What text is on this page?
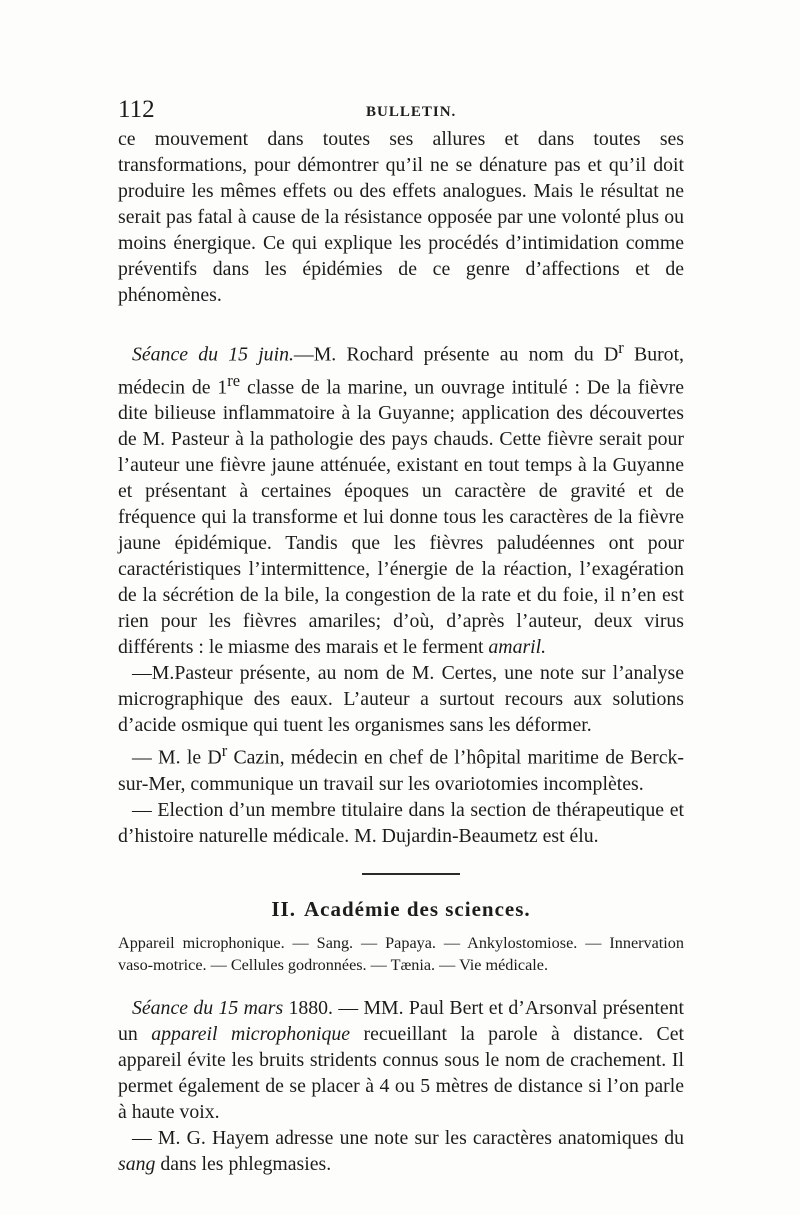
112	BULLETIN.

ce mouvement dans toutes ses allures et dans toutes ses transformations, pour démontrer qu’il ne se dénature pas et qu’il doit produire les mêmes effets ou des effets analogues. Mais le résultat ne serait pas fatal à cause de la résistance opposée par une volonté plus ou moins énergique. Ce qui explique les procédés d’intimidation comme préventifs dans les épidémies de ce genre d’affections et de phénomènes.

Séance du 15 juin.—M. Rochard présente au nom du $D^r$ Burot, médecin de 1re classe de la marine, un ouvrage intitulé : De la fièvre dite bilieuse inflammatoire à la Guyanne; application des découvertes de M. Pasteur à la pathologie des pays chauds. Cette fièvre serait pour l’auteur une fièvre jaune atténuée, existant en tout temps à la Guyanne et présentant à certaines époques un caractère de gravité et de fréquence qui la transforme et lui donne tous les caractères de la fièvre jaune épidémique. Tandis que les fièvres paludéennes ont pour caractéristiques l’intermittence, l’énergie de la réaction, l’exagération de la sécrétion de la bile, la congestion de la rate et du foie, il n’en est rien pour les fièvres amariles; d’où, d’après l’auteur, deux virus différents : le miasme des marais et le ferment amaril.

—M.Pasteur présente, au nom de M. Certes, une note sur l’analyse micrographique des eaux. L’auteur a surtout recours aux solutions d’acide osmique qui tuent les organismes sans les déformer.

— M. le $D^r$ Cazin, médecin en chef de l’hôpital maritime de Berck-sur-Mer, communique un travail sur les ovariotomies incomplètes.

— Election d’un membre titulaire dans la section de thérapeutique et d’histoire naturelle médicale. M. Dujardin-Beaumetz est élu.

II. Académie des sciences.

Appareil microphonique. — Sang. — Papaya. — Ankylostomiose. — Innervation vaso-motrice. — Cellules godronnées. — Tænia. — Vie médicale.

Séance du 15 mars 1880. — MM. Paul Bert et d’Arsonval présentent un appareil microphonique recueillant la parole à distance. Cet appareil évite les bruits stridents connus sous le nom de crachement. Il permet également de se placer à 4 ou 5 mètres de distance si l’on parle à haute voix.

— M. G. Hayem adresse une note sur les caractères anatomiques du sang dans les phlegmasies.
